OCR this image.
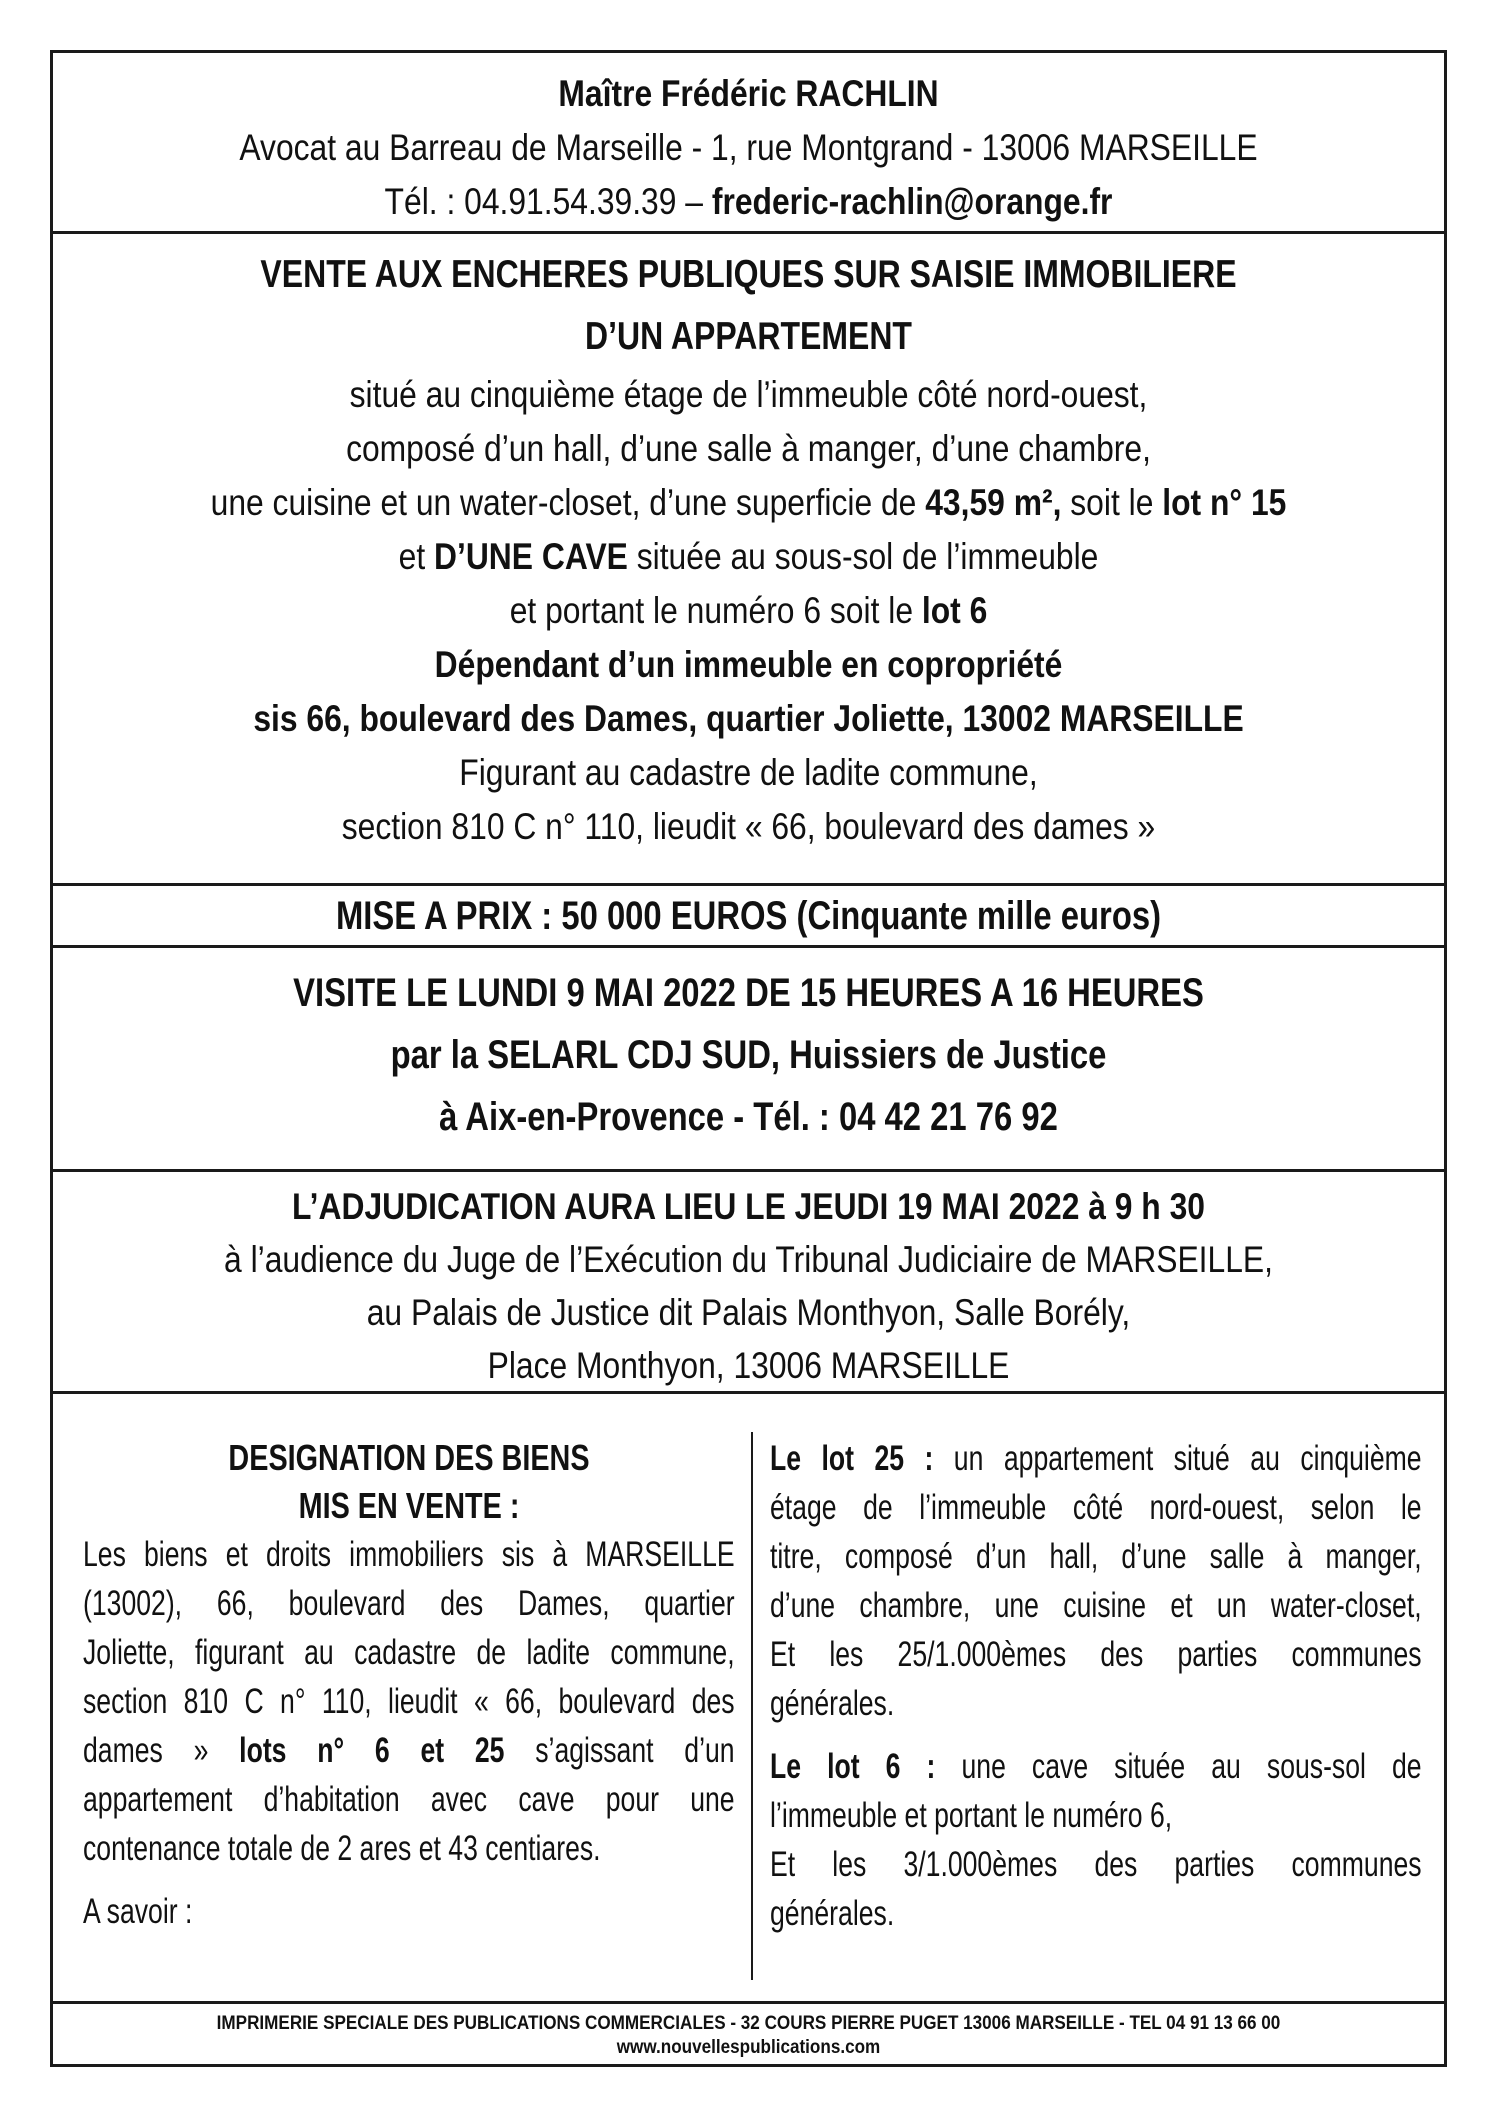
Maître Frédéric RACHLIN
Avocat au Barreau de Marseille - 1, rue Montgrand - 13006 MARSEILLE
Tél. : 04.91.54.39.39 – frederic-rachlin@orange.fr
VENTE AUX ENCHERES PUBLIQUES SUR SAISIE IMMOBILIERE
D’UN APPARTEMENT
situé au cinquième étage de l’immeuble côté nord-ouest,
composé d’un hall, d’une salle à manger, d’une chambre,
une cuisine et un water-closet, d’une superficie de 43,59 m², soit le lot n° 15
et D’UNE CAVE située au sous-sol de l’immeuble
et portant le numéro 6 soit le lot 6
Dépendant d’un immeuble en copropriété
sis 66, boulevard des Dames, quartier Joliette, 13002 MARSEILLE
Figurant au cadastre de ladite commune,
section 810 C n° 110, lieudit « 66, boulevard des dames »
MISE A PRIX : 50 000 EUROS (Cinquante mille euros)
VISITE LE LUNDI 9 MAI 2022 DE 15 HEURES A 16 HEURES
par la SELARL CDJ SUD, Huissiers de Justice
à Aix-en-Provence - Tél. : 04 42 21 76 92
L’ADJUDICATION AURA LIEU LE JEUDI 19 MAI 2022 à 9 h 30
à l’audience du Juge de l’Exécution du Tribunal Judiciaire de MARSEILLE,
au Palais de Justice dit Palais Monthyon, Salle Borély,
Place Monthyon, 13006 MARSEILLE
DESIGNATION DES BIENS
MIS EN VENTE :
Les biens et droits immobiliers sis à MARSEILLE
(13002), 66, boulevard des Dames, quartier
Joliette, figurant au cadastre de ladite commune,
section 810 C n° 110, lieudit « 66, boulevard des
dames » lots n° 6 et 25 s’agissant d’un
appartement d’habitation avec cave pour une
contenance totale de 2 ares et 43 centiares.
A savoir :
Le lot 25 : un appartement situé au cinquième
étage de l’immeuble côté nord-ouest, selon le
titre, composé d’un hall, d’une salle à manger,
d’une chambre, une cuisine et un water-closet,
Et les 25/1.000èmes des parties communes
générales.
Le lot 6 : une cave située au sous-sol de
l’immeuble et portant le numéro 6,
Et les 3/1.000èmes des parties communes
générales.
IMPRIMERIE SPECIALE DES PUBLICATIONS COMMERCIALES - 32 COURS PIERRE PUGET 13006 MARSEILLE - TEL 04 91 13 66 00
www.nouvellespublications.com
